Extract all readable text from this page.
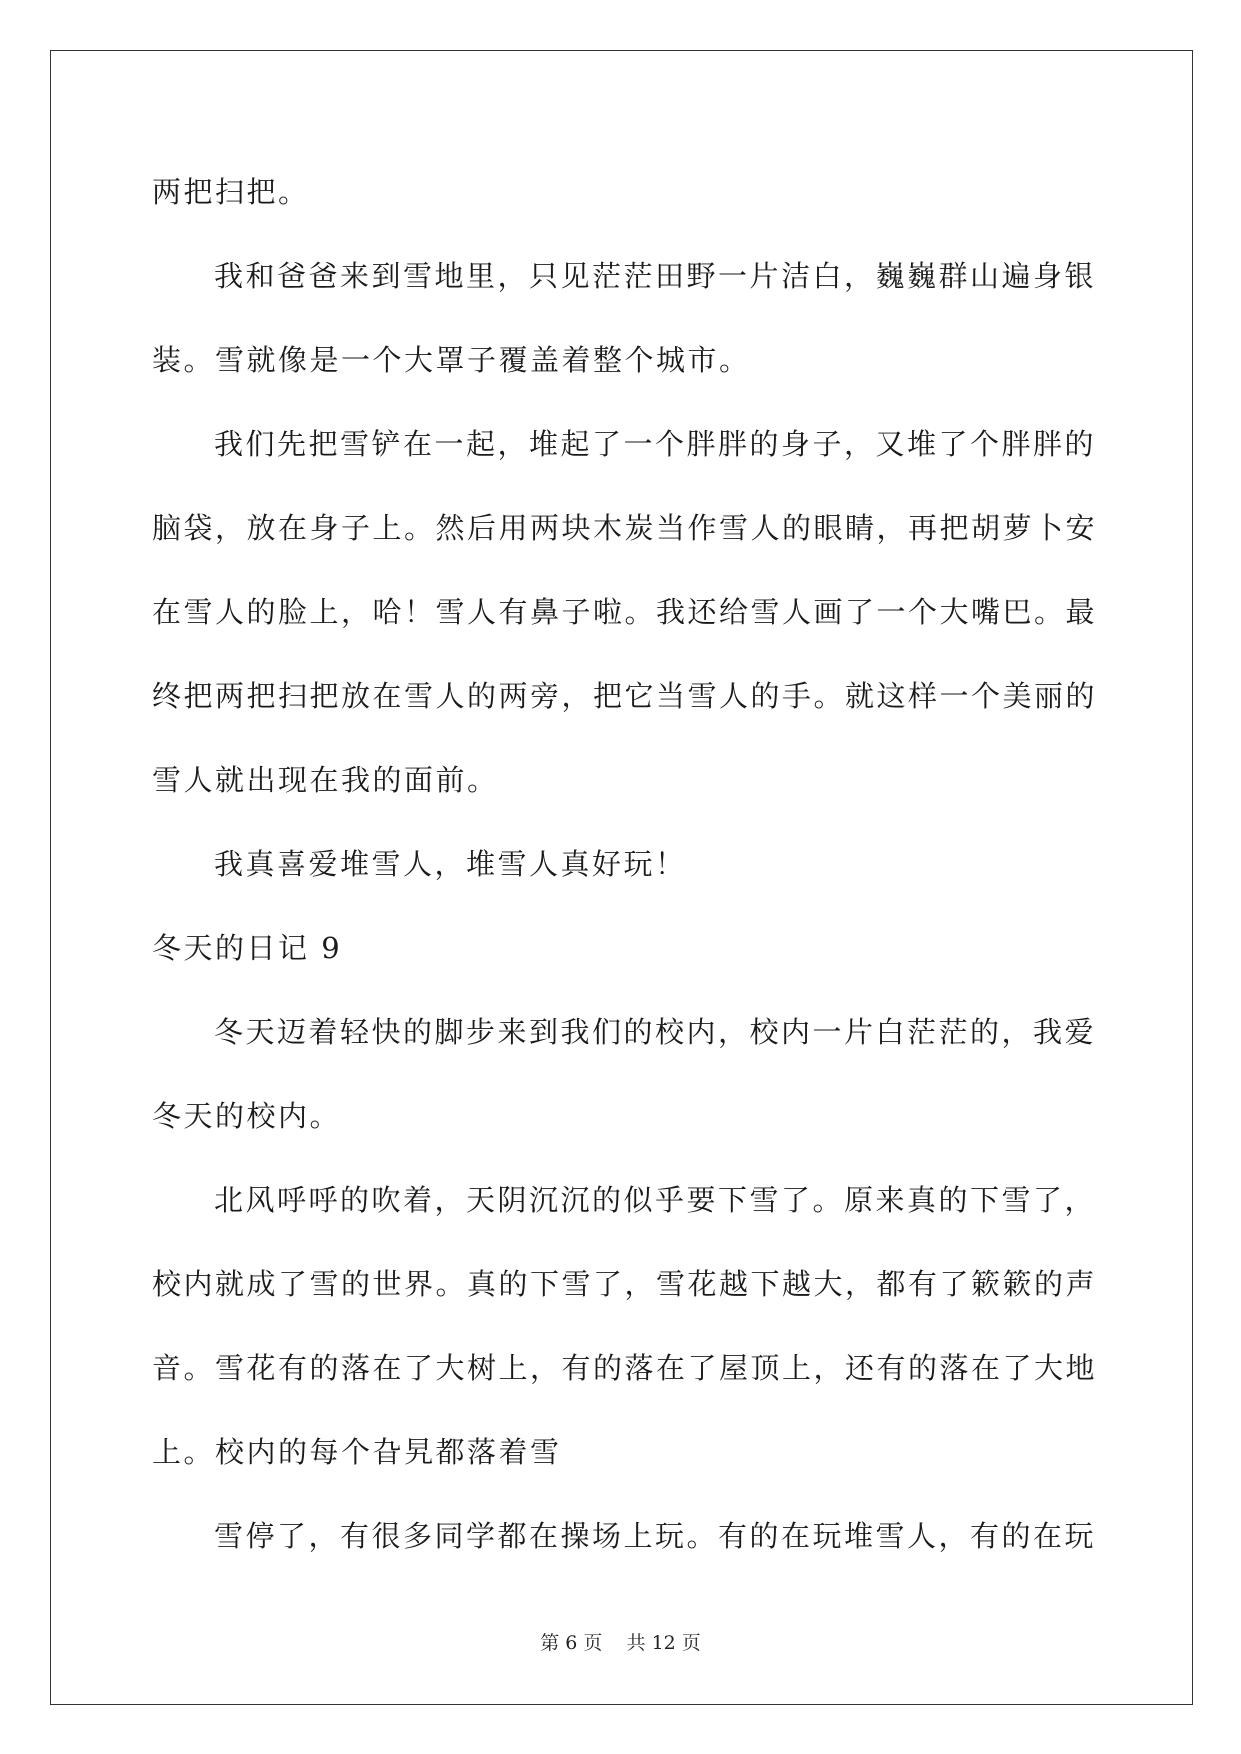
两把扫把。
我和爸爸来到雪地里，只见茫茫田野一片洁白，巍巍群山遍身银
装。雪就像是一个大罩子覆盖着整个城市。
我们先把雪铲在一起，堆起了一个胖胖的身子，又堆了个胖胖的
脑袋，放在身子上。然后用两块木炭当作雪人的眼睛，再把胡萝卜安
在雪人的脸上，哈！雪人有鼻子啦。我还给雪人画了一个大嘴巴。最
终把两把扫把放在雪人的两旁，把它当雪人的手。就这样一个美丽的
雪人就出现在我的面前。
我真喜爱堆雪人，堆雪人真好玩！
冬天的日记 9
冬天迈着轻快的脚步来到我们的校内，校内一片白茫茫的，我爱
冬天的校内。
北风呼呼的吹着，天阴沉沉的似乎要下雪了。原来真的下雪了，
校内就成了雪的世界。真的下雪了，雪花越下越大，都有了簌簌的声
音。雪花有的落在了大树上，有的落在了屋顶上，还有的落在了大地
上。校内的每个旮旯都落着雪
雪停了，有很多同学都在操场上玩。有的在玩堆雪人，有的在玩
第 6 页    共 12 页
